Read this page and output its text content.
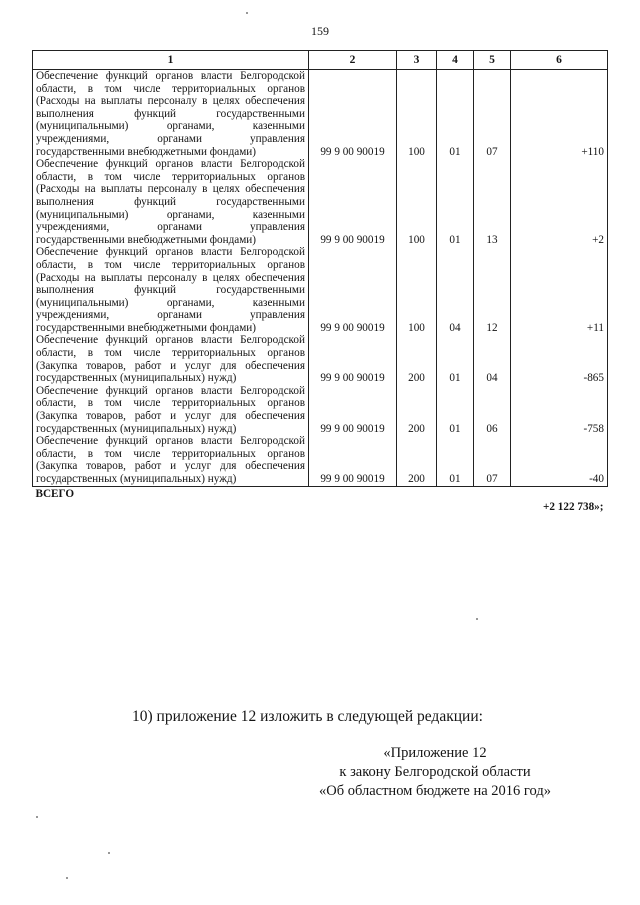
159
1	2	3	4	5	6
Обеспечение функций органов власти Белгородской области, в том числе территориальных органов (Расходы на выплаты персоналу в целях обеспечения выполнения функций государственными (муниципальными) органами, казенными учреждениями, органами управления государственными внебюджетными фондами)	99 9 00 90019	100	01	07	+110
Обеспечение функций органов власти Белгородской области, в том числе территориальных органов (Расходы на выплаты персоналу в целях обеспечения выполнения функций государственными (муниципальными) органами, казенными учреждениями, органами управления государственными внебюджетными фондами)	99 9 00 90019	100	01	13	+2
Обеспечение функций органов власти Белгородской области, в том числе территориальных органов (Расходы на выплаты персоналу в целях обеспечения выполнения функций государственными (муниципальными) органами, казенными учреждениями, органами управления государственными внебюджетными фондами)	99 9 00 90019	100	04	12	+11
Обеспечение функций органов власти Белгородской области, в том числе территориальных органов (Закупка товаров, работ и услуг для обеспечения государственных (муниципальных) нужд)	99 9 00 90019	200	01	04	-865
Обеспечение функций органов власти Белгородской области, в том числе территориальных органов (Закупка товаров, работ и услуг для обеспечения государственных (муниципальных) нужд)	99 9 00 90019	200	01	06	-758
Обеспечение функций органов власти Белгородской области, в том числе территориальных органов (Закупка товаров, работ и услуг для обеспечения государственных (муниципальных) нужд)	99 9 00 90019	200	01	07	-40
ВСЕГО					+2 122 738»;
10) приложение 12 изложить в следующей редакции:
«Приложение 12
к закону Белгородской области
«Об областном бюджете на 2016 год»
